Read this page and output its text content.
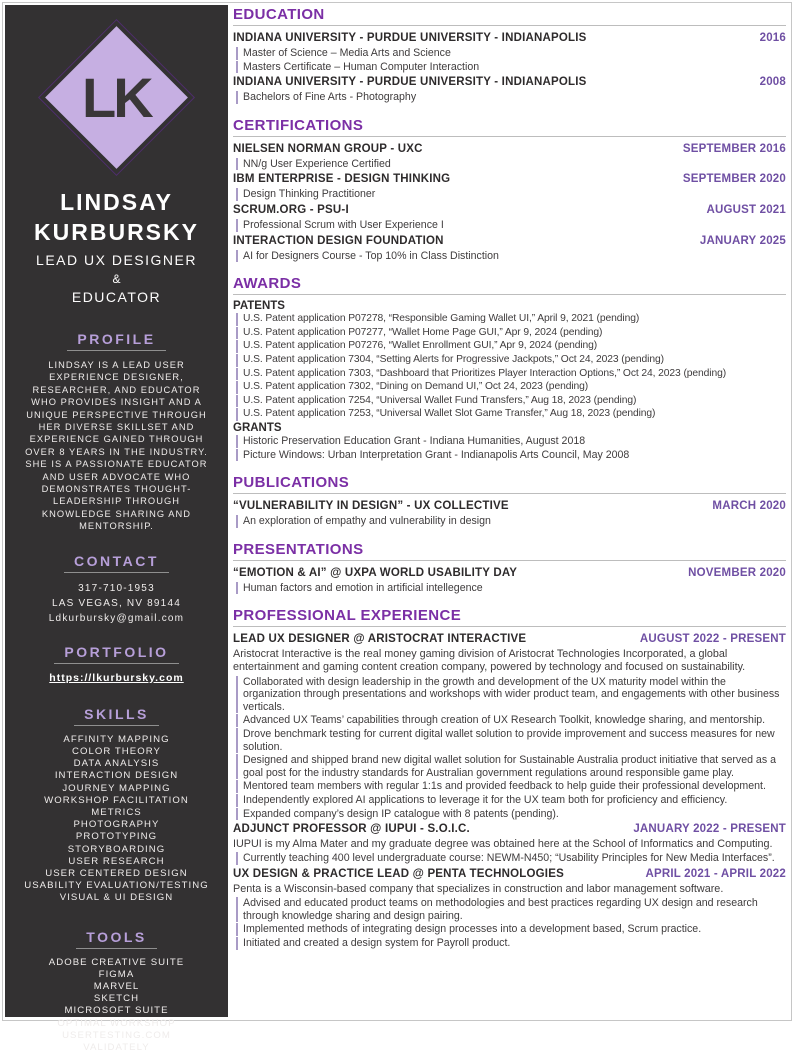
LK
LINDSAY
KURBURSKY
LEAD UX DESIGNER
&
EDUCATOR
PROFILE

LINDSAY IS A LEAD USER EXPERIENCE DESIGNER, RESEARCHER, AND EDUCATOR WHO PROVIDES INSIGHT AND A UNIQUE PERSPECTIVE THROUGH HER DIVERSE SKILLSET AND EXPERIENCE GAINED THROUGH OVER 8 YEARS IN THE INDUSTRY. SHE IS A PASSIONATE EDUCATOR AND USER ADVOCATE WHO DEMONSTRATES THOUGHT-LEADERSHIP THROUGH KNOWLEDGE SHARING AND MENTORSHIP.

CONTACT
317-710-1953
LAS VEGAS, NV 89144
Ldkurbursky@gmail.com
PORTFOLIO
https://lkurbursky.com
SKILLS
AFFINITY MAPPING
COLOR THEORY
DATA ANALYSIS
INTERACTION DESIGN
JOURNEY MAPPING
WORKSHOP FACILITATION
METRICS
PHOTOGRAPHY
PROTOTYPING
STORYBOARDING
USER RESEARCH
USER CENTERED DESIGN
USABILITY EVALUATION/TESTING
VISUAL & UI DESIGN
TOOLS
ADOBE CREATIVE SUITE
FIGMA
MARVEL
SKETCH
MICROSOFT SUITE
OPTIMAL WORKSHOP
USERTESTING.COM
VALIDATELY
EDUCATION
INDIANA UNIVERSITY - PURDUE UNIVERSITY - INDIANAPOLIS	2016
Master of Science – Media Arts and Science
Masters Certificate – Human Computer Interaction
INDIANA UNIVERSITY - PURDUE UNIVERSITY - INDIANAPOLIS	2008
Bachelors of Fine Arts - Photography
CERTIFICATIONS
NIELSEN NORMAN GROUP - UXC	SEPTEMBER 2016
NN/g User Experience Certified
IBM ENTERPRISE - DESIGN THINKING	SEPTEMBER 2020
Design Thinking Practitioner
SCRUM.ORG - PSU-I	AUGUST 2021
Professional Scrum with User Experience I
INTERACTION DESIGN FOUNDATION	JANUARY 2025
AI for Designers Course - Top 10% in Class Distinction
AWARDS
PATENTS
U.S. Patent application P07278, “Responsible Gaming Wallet UI,” April 9, 2021 (pending)
U.S. Patent application P07277, “Wallet Home Page GUI,” Apr 9, 2024 (pending)
U.S. Patent application P07276, “Wallet Enrollment GUI,” Apr 9, 2024 (pending)
U.S. Patent application 7304, “Setting Alerts for Progressive Jackpots,” Oct 24, 2023 (pending)
U.S. Patent application 7303, “Dashboard that Prioritizes Player Interaction Options,” Oct 24, 2023 (pending)
U.S. Patent application 7302, “Dining on Demand UI,” Oct 24, 2023 (pending)
U.S. Patent application 7254, “Universal Wallet Fund Transfers,” Aug 18, 2023 (pending)
U.S. Patent application 7253, “Universal Wallet Slot Game Transfer,” Aug 18, 2023 (pending)
GRANTS
Historic Preservation Education Grant - Indiana Humanities, August 2018
Picture Windows: Urban Interpretation Grant - Indianapolis Arts Council, May 2008
PUBLICATIONS
“VULNERABILITY IN DESIGN” - UX COLLECTIVE	MARCH 2020
An exploration of empathy and vulnerability in design
PRESENTATIONS
“EMOTION & AI” @ UXPA WORLD USABILITY DAY	NOVEMBER 2020
Human factors and emotion in artificial intellegence
PROFESSIONAL EXPERIENCE
LEAD UX DESIGNER @ ARISTOCRAT INTERACTIVE	AUGUST 2022 - PRESENT

Aristocrat Interactive is the real money gaming division of Aristocrat Technologies Incorporated, a global entertainment and gaming content creation company, powered by technology and focused on sustainability.

Collaborated with design leadership in the growth and development of the UX maturity model within the organization through presentations and workshops with wider product team, and engagements with other business verticals.
Advanced UX Teams’ capabilities through creation of UX Research Toolkit, knowledge sharing, and mentorship.
Drove benchmark testing for current digital wallet solution to provide improvement and success measures for new solution.
Designed and shipped brand new digital wallet solution for Sustainable Australia product initiative that served as a goal post for the industry standards for Australian government regulations around responsible game play.
Mentored team members with regular 1:1s and provided feedback to help guide their professional development.
Independently explored AI applications to leverage it for the UX team both for proficiency and efficiency.
Expanded company’s design IP catalogue with 8 patents (pending).
ADJUNCT PROFESSOR @ IUPUI - S.O.I.C.	JANUARY 2022 - PRESENT

IUPUI is my Alma Mater and my graduate degree was obtained here at the School of Informatics and Computing.

Currently teaching 400 level undergraduate course: NEWM-N450; “Usability Principles for New Media Interfaces”.
UX DESIGN & PRACTICE LEAD @ PENTA TECHNOLOGIES	APRIL 2021 - APRIL 2022

Penta is a Wisconsin-based company that specializes in construction and labor management software.

Advised and educated product teams on methodologies and best practices regarding UX design and research through knowledge sharing and design pairing.
Implemented methods of integrating design processes into a development based, Scrum practice.
Initiated and created a design system for Payroll product.
